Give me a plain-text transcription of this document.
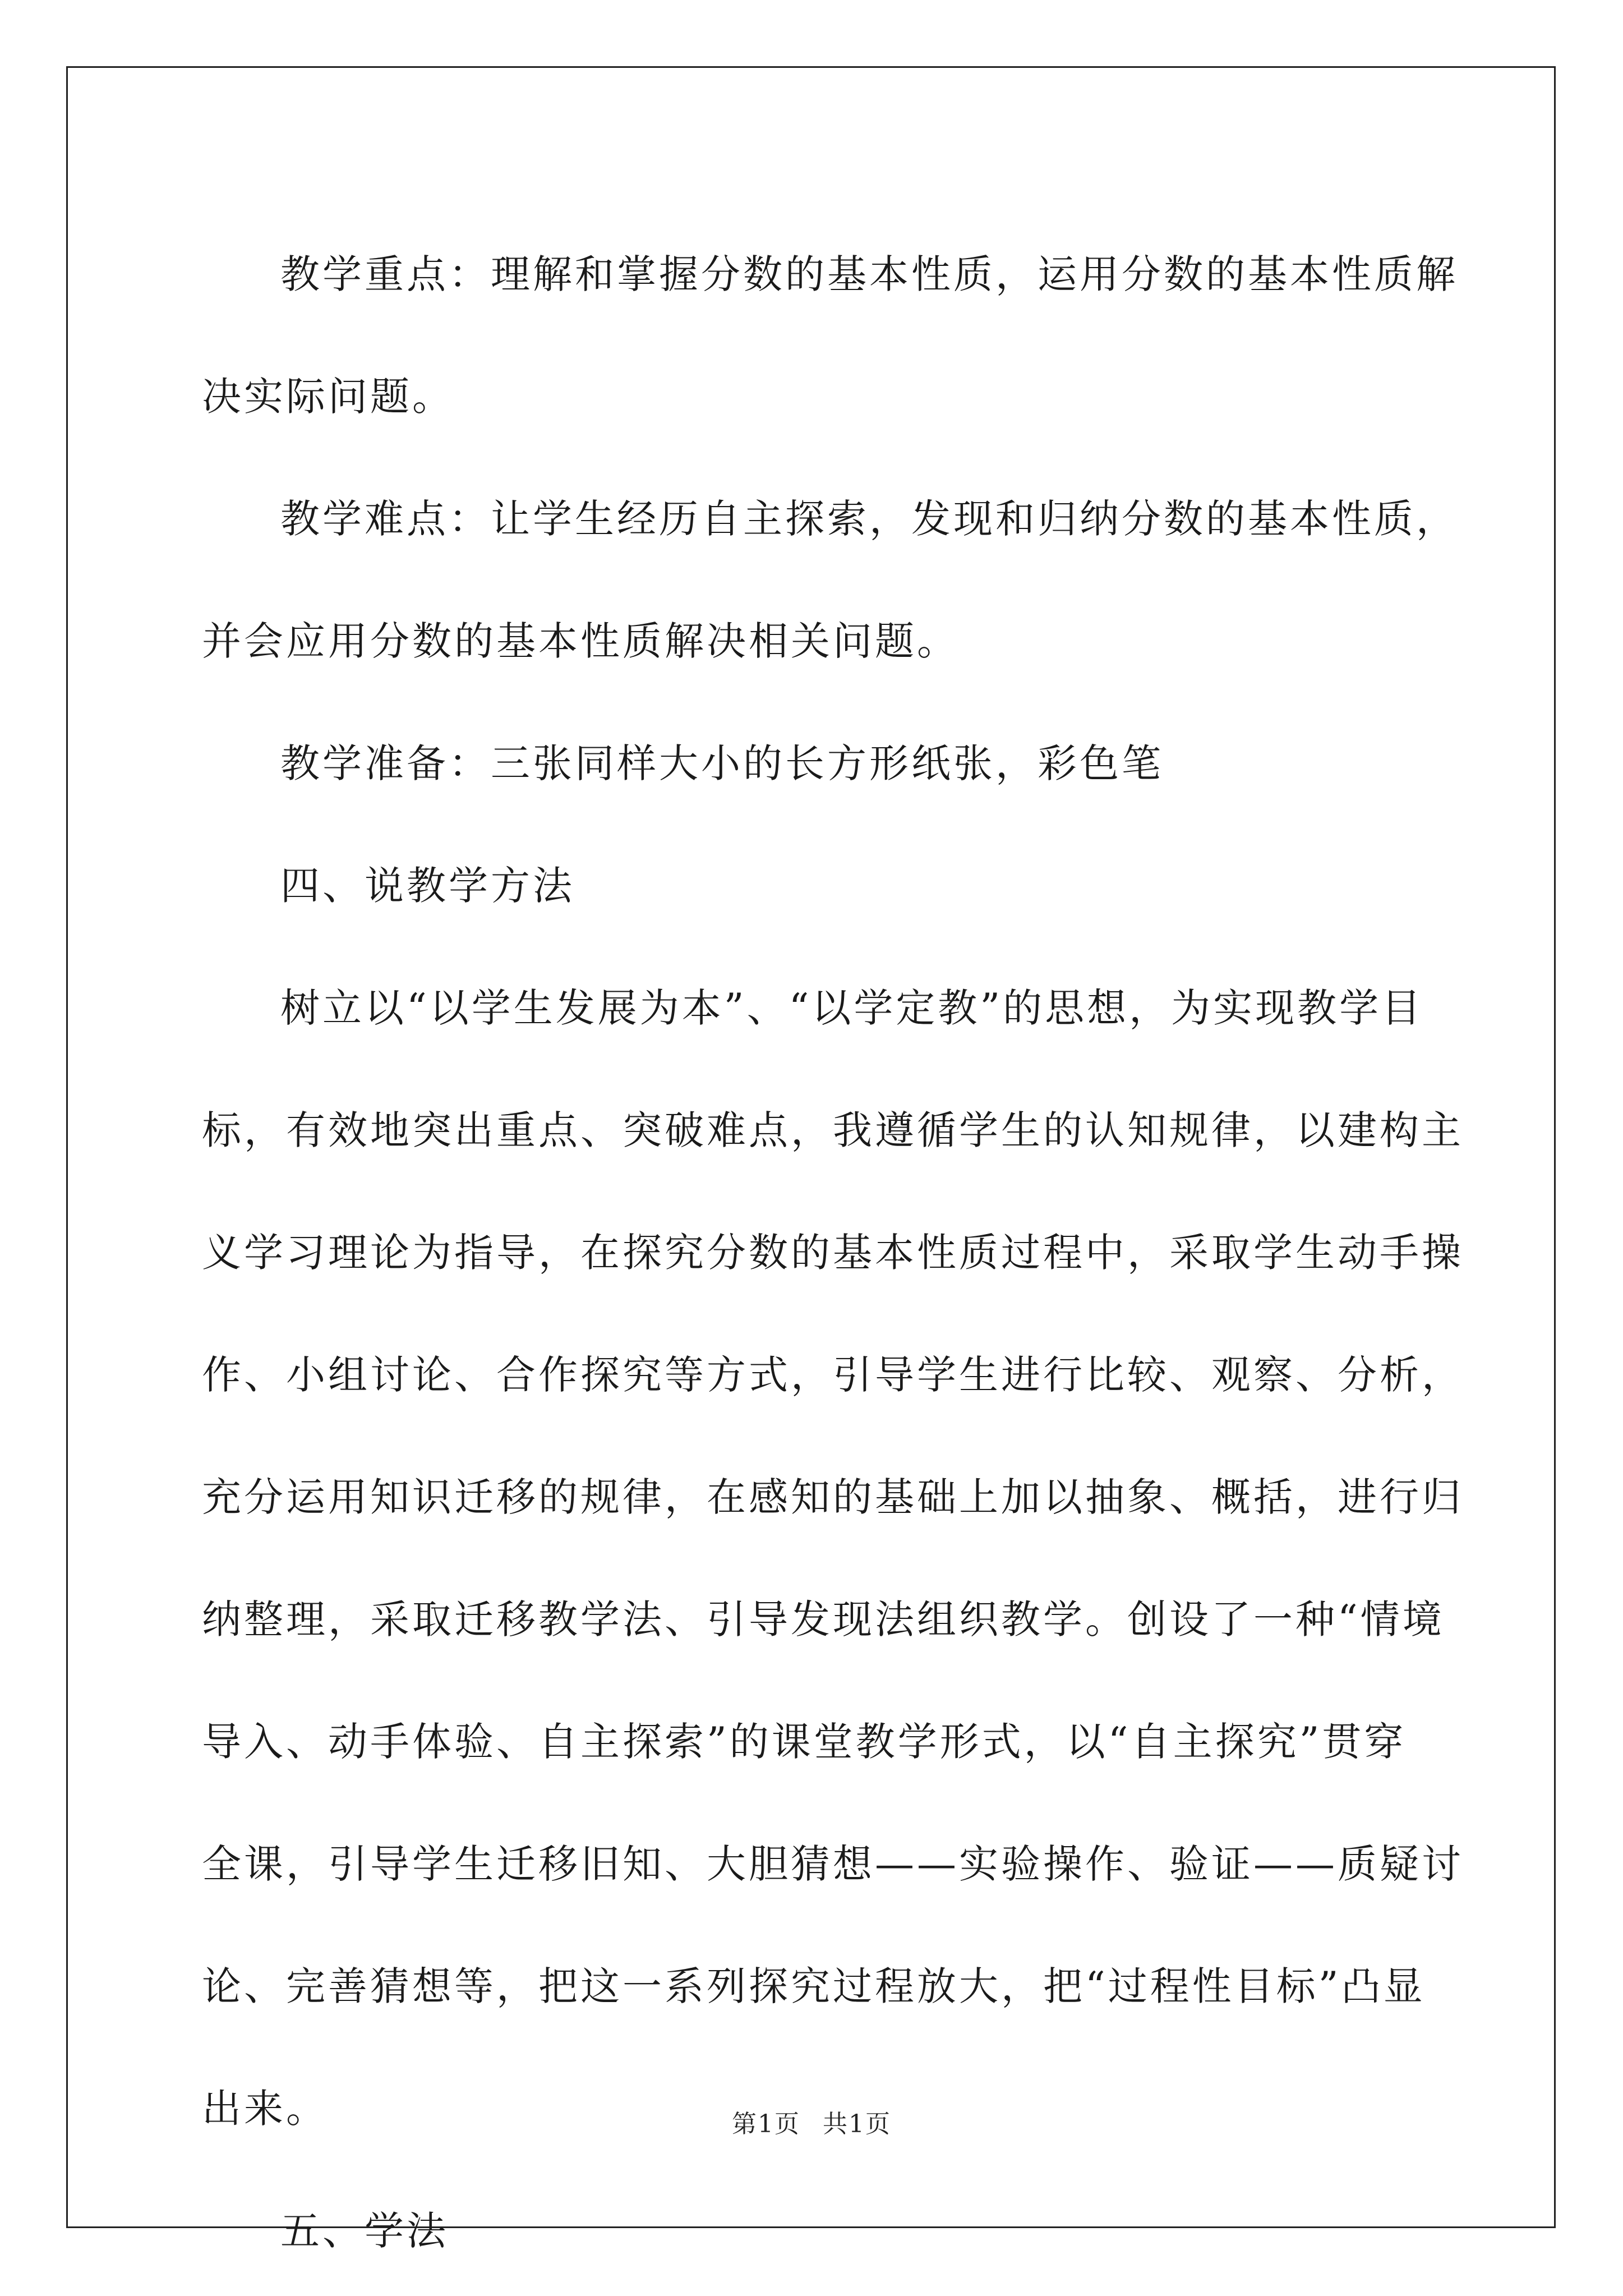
教学重点：理解和掌握分数的基本性质，运用分数的基本性质解

决实际问题。

教学难点：让学生经历自主探索，发现和归纳分数的基本性质，

并会应用分数的基本性质解决相关问题。

教学准备：三张同样大小的长方形纸张，彩色笔

四、说教学方法

树立以“以学生发展为本”、“以学定教”的思想，为实现教学目

标，有效地突出重点、突破难点，我遵循学生的认知规律，以建构主

义学习理论为指导，在探究分数的基本性质过程中，采取学生动手操

作、小组讨论、合作探究等方式，引导学生进行比较、观察、分析，

充分运用知识迁移的规律，在感知的基础上加以抽象、概括，进行归

纳整理，采取迁移教学法、引导发现法组织教学。创设了一种“情境

导入、动手体验、自主探索”的课堂教学形式，以“自主探究”贯穿

全课，引导学生迁移旧知、大胆猜想——实验操作、验证——质疑讨

论、完善猜想等，把这一系列探究过程放大，把“过程性目标”凸显

出来。

五、学法

第1页 共1页
